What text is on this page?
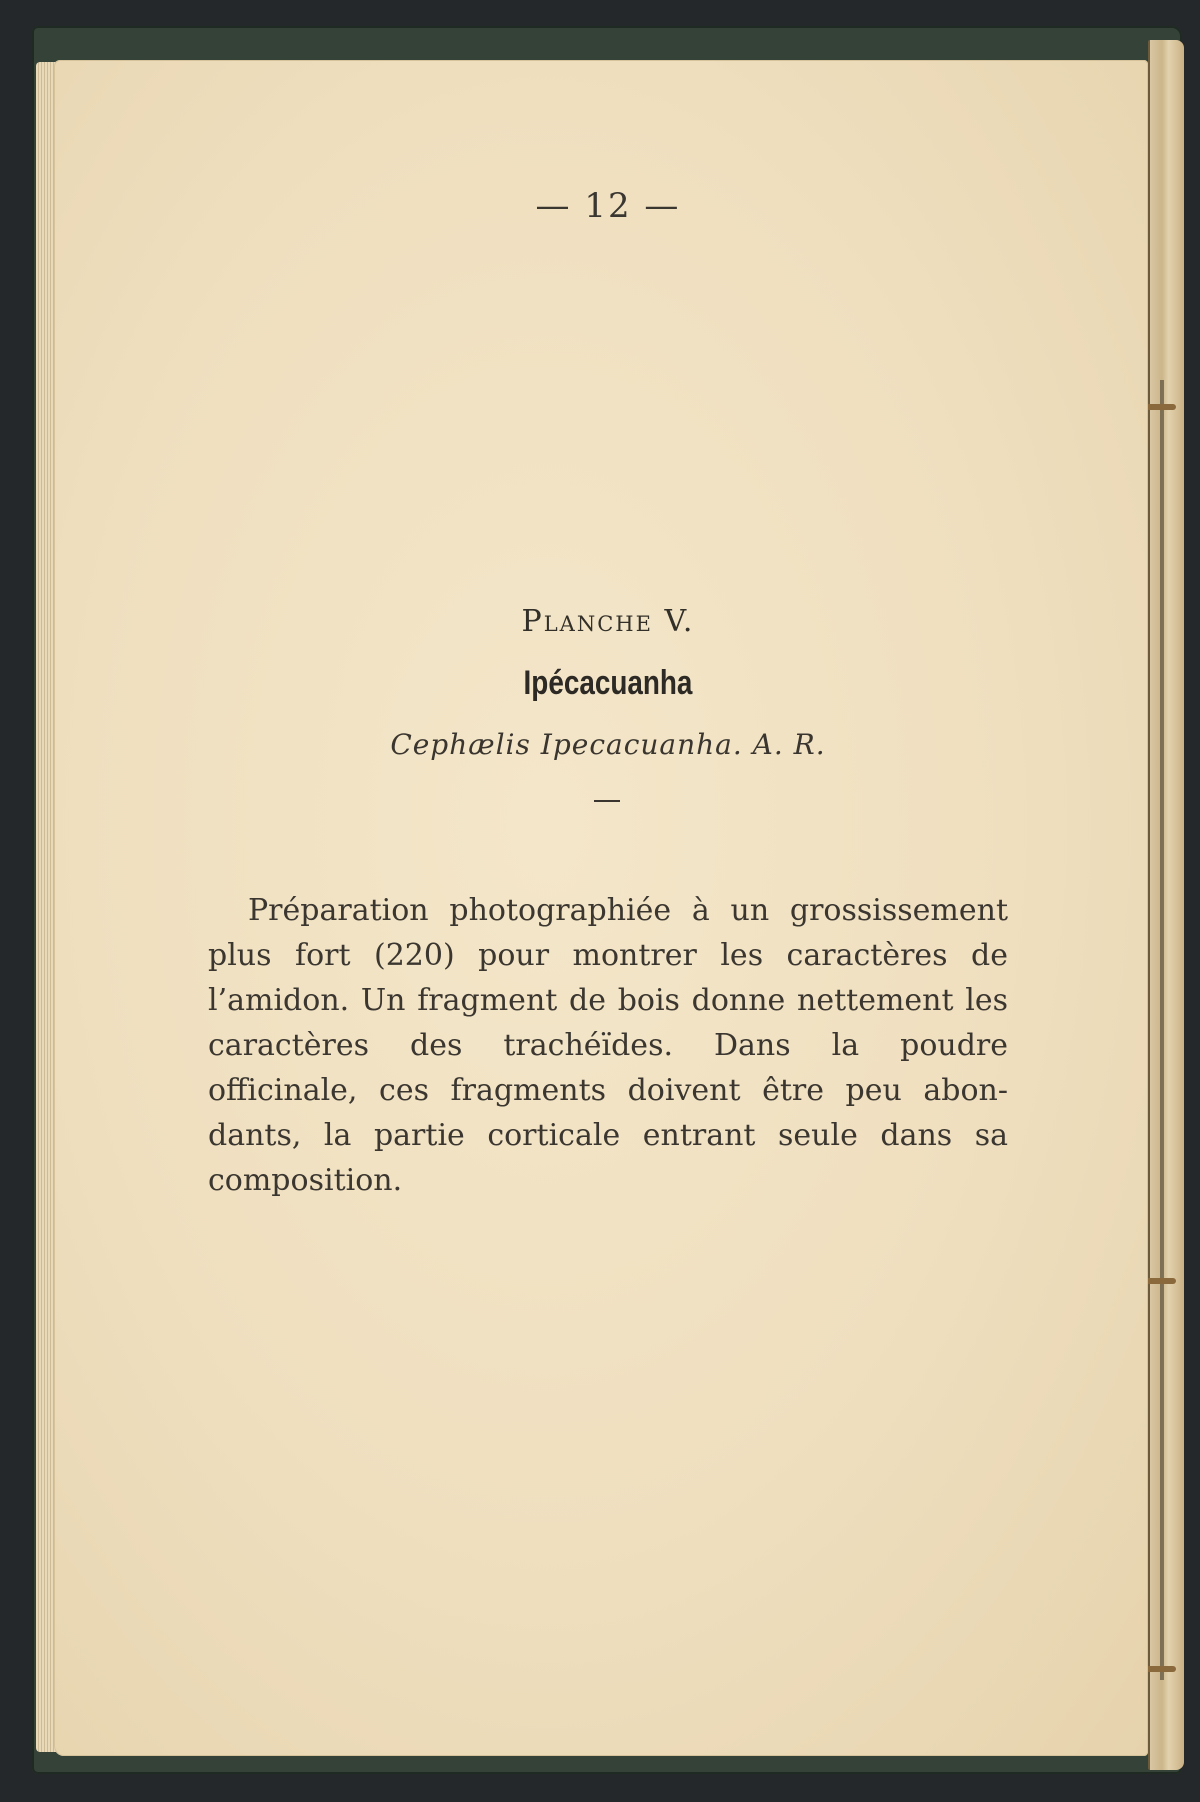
— 12 —
Planche V.
Ipécacuanha
Cephælis Ipecacuanha. A. R.

Préparation photographiée à un grossissement plus fort (220) pour montrer les caractères de l’amidon. Un fragment de bois donne nettement les caractères des trachéïdes. Dans la poudre officinale, ces fragments doivent être peu abondants, la partie corticale entrant seule dans sa composition.
